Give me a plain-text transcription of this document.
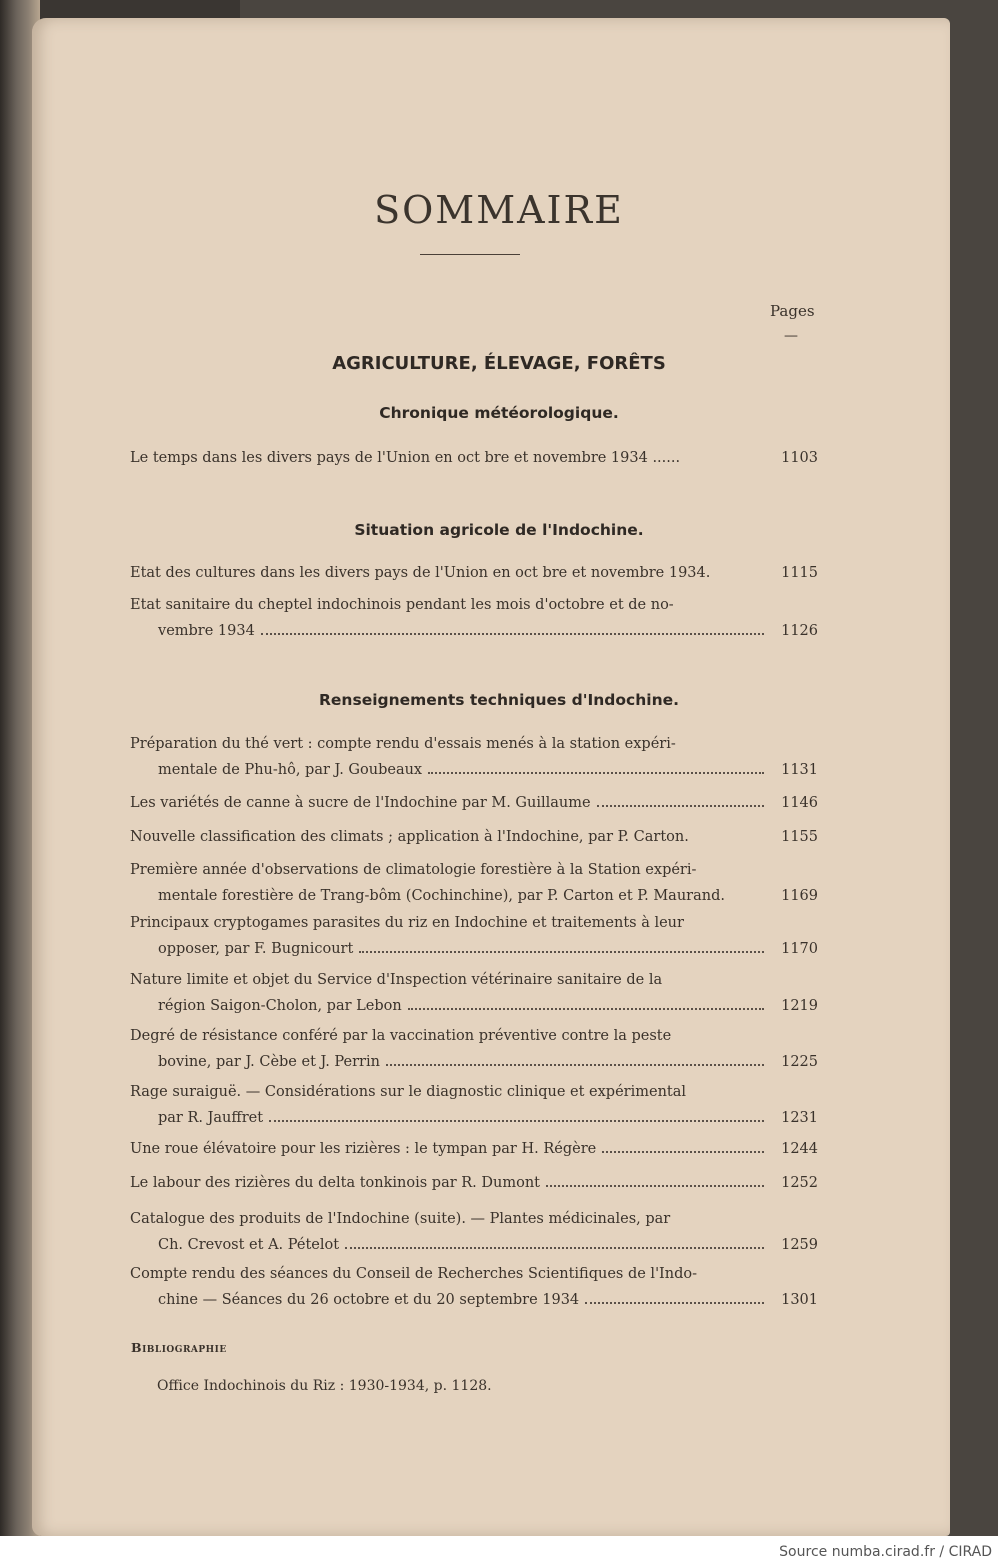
SOMMAIRE
Pages
—
AGRICULTURE, ÉLEVAGE, FORÊTS
Chronique météorologique.
Le temps dans les divers pays de l'Union en oct bre et novembre 1934 ......	1103
Situation agricole de l'Indochine.
Etat des cultures dans les divers pays de l'Union en oct bre et novembre 1934.	1115
Etat sanitaire du cheptel indochinois pendant les mois d'octobre et de no-
vembre 1934	1126
Renseignements techniques d'Indochine.
Préparation du thé vert : compte rendu d'essais menés à la station expéri-
mentale de Phu-hô, par J. Goubeaux	1131
Les variétés de canne à sucre de l'Indochine par M. Guillaume	1146
Nouvelle classification des climats ; application à l'Indochine, par P. Carton.	1155
Première année d'observations de climatologie forestière à la Station expéri-
mentale forestière de Trang-bôm (Cochinchine), par P. Carton et P. Maurand.	1169
Principaux cryptogames parasites du riz en Indochine et traitements à leur
opposer, par F. Bugnicourt	1170
Nature limite et objet du Service d'Inspection vétérinaire sanitaire de la
région Saigon-Cholon, par Lebon	1219
Degré de résistance conféré par la vaccination préventive contre la peste
bovine, par J. Cèbe et J. Perrin	1225
Rage suraiguë. — Considérations sur le diagnostic clinique et expérimental
par R. Jauffret	1231
Une roue élévatoire pour les rizières : le tympan par H. Régère	1244
Le labour des rizières du delta tonkinois par R. Dumont	1252
Catalogue des produits de l'Indochine (suite). — Plantes médicinales, par
Ch. Crevost et A. Pételot	1259
Compte rendu des séances du Conseil de Recherches Scientifiques de l'Indo-
chine — Séances du 26 octobre et du 20 septembre 1934	1301
Bibliographie
Office Indochinois du Riz : 1930-1934, p. 1128.
Source numba.cirad.fr / CIRAD
